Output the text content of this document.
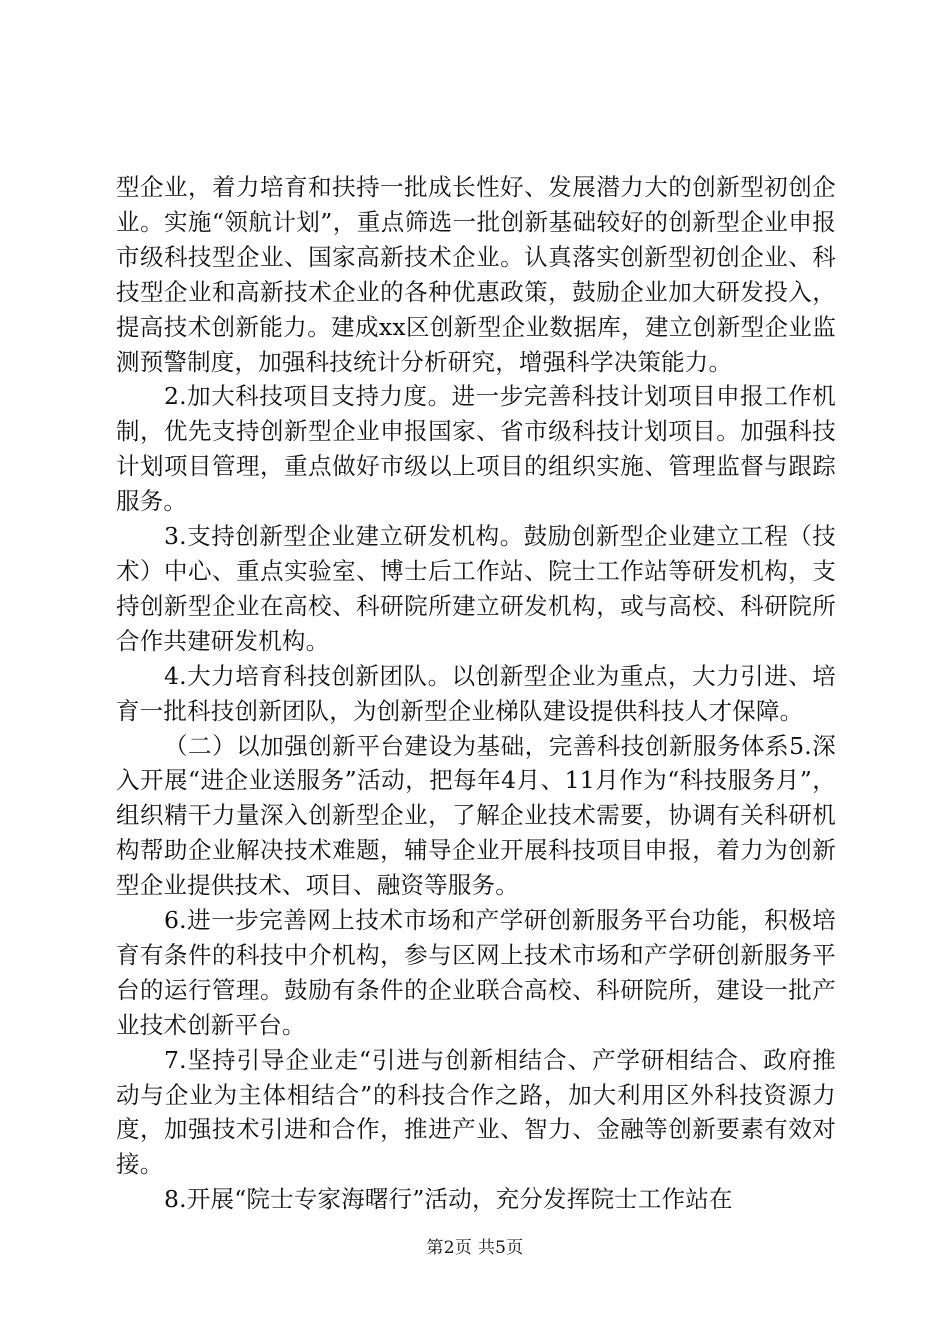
型企业，着力培育和扶持一批成长性好、发展潜力大的创新型初创企业。实施“领航计划”，重点筛选一批创新基础较好的创新型企业申报市级科技型企业、国家高新技术企业。认真落实创新型初创企业、科技型企业和高新技术企业的各种优惠政策，鼓励企业加大研发投入，提高技术创新能力。建成xx区创新型企业数据库，建立创新型企业监测预警制度，加强科技统计分析研究，增强科学决策能力。

2.加大科技项目支持力度。进一步完善科技计划项目申报工作机制，优先支持创新型企业申报国家、省市级科技计划项目。加强科技计划项目管理，重点做好市级以上项目的组织实施、管理监督与跟踪服务。

3.支持创新型企业建立研发机构。鼓励创新型企业建立工程（技术）中心、重点实验室、博士后工作站、院士工作站等研发机构，支持创新型企业在高校、科研院所建立研发机构，或与高校、科研院所合作共建研发机构。

4.大力培育科技创新团队。以创新型企业为重点，大力引进、培育一批科技创新团队，为创新型企业梯队建设提供科技人才保障。

（二）以加强创新平台建设为基础，完善科技创新服务体系5.深入开展“进企业送服务”活动，把每年4月、11月作为“科技服务月”，组织精干力量深入创新型企业，了解企业技术需要，协调有关科研机构帮助企业解决技术难题，辅导企业开展科技项目申报，着力为创新型企业提供技术、项目、融资等服务。

6.进一步完善网上技术市场和产学研创新服务平台功能，积极培育有条件的科技中介机构，参与区网上技术市场和产学研创新服务平台的运行管理。鼓励有条件的企业联合高校、科研院所，建设一批产业技术创新平台。

7.坚持引导企业走“引进与创新相结合、产学研相结合、政府推动与企业为主体相结合”的科技合作之路，加大利用区外科技资源力度，加强技术引进和合作，推进产业、智力、金融等创新要素有效对接。

8.开展“院士专家海曙行”活动，充分发挥院士工作站在

第2页 共5页
